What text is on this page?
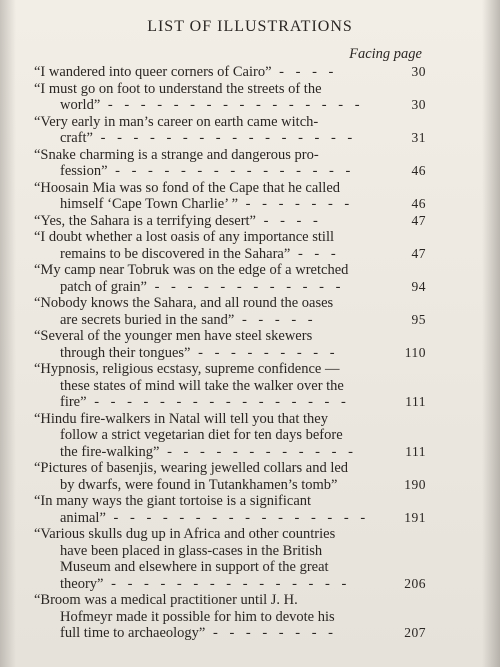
LIST OF ILLUSTRATIONS
Facing page
“I wandered into queer corners of Cairo” - - - -	30
“I must go on foot to understand the streets of the
world” - - - - - - - - - - - - - - - -	30
“Very early in man’s career on earth came witch-
craft” - - - - - - - - - - - - - - - -	31
“Snake charming is a strange and dangerous pro-
fession” - - - - - - - - - - - - - - -	46
“Hoosain Mia was so fond of the Cape that he called
himself ‘Cape Town Charlie’ ” - - - - - - -	46
“Yes, the Sahara is a terrifying desert” - - - -	47
“I doubt whether a lost oasis of any importance still
remains to be discovered in the Sahara” - - -	47
“My camp near Tobruk was on the edge of a wretched
patch of grain” - - - - - - - - - - - -	94
“Nobody knows the Sahara, and all round the oases
are secrets buried in the sand” - - - - -	95
“Several of the younger men have steel skewers
through their tongues” - - - - - - - - -	110
“Hypnosis, religious ecstasy, supreme confidence —
these states of mind will take the walker over the
fire” - - - - - - - - - - - - - - - -	111
“Hindu fire-walkers in Natal will tell you that they
follow a strict vegetarian diet for ten days before
the fire-walking” - - - - - - - - - - - -	111
“Pictures of basenjis, wearing jewelled collars and led
by dwarfs, were found in Tutankhamen’s tomb”	190
“In many ways the giant tortoise is a significant
animal” - - - - - - - - - - - - - - - -	191
“Various skulls dug up in Africa and other countries
have been placed in glass-cases in the British
Museum and elsewhere in support of the great
theory” - - - - - - - - - - - - - - -	206
“Broom was a medical practitioner until J. H.
Hofmeyr made it possible for him to devote his
full time to archaeology” - - - - - - - -	207
